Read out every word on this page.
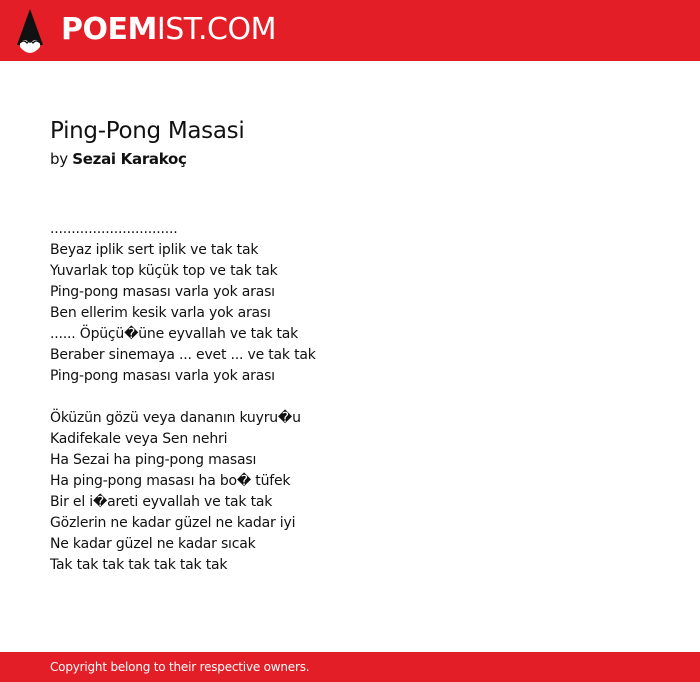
POEMIST.COM
Ping-Pong Masasi

by Sezai Karakoç

..............................
Beyaz iplik sert iplik ve tak tak
Yuvarlak top küçük top ve tak tak
Ping-pong masası varla yok arası
Ben ellerim kesik varla yok arası
...... Öpüçü�üne eyvallah ve tak tak
Beraber sinemaya ... evet ... ve tak tak
Ping-pong masası varla yok arası
Öküzün gözü veya dananın kuyru�u
Kadifekale veya Sen nehri
Ha Sezai ha ping-pong masası
Ha ping-pong masası ha bo� tüfek
Bir el i�areti eyvallah ve tak tak
Gözlerin ne kadar güzel ne kadar iyi
Ne kadar güzel ne kadar sıcak
Tak tak tak tak tak tak tak
Copyright belong to their respective owners.
